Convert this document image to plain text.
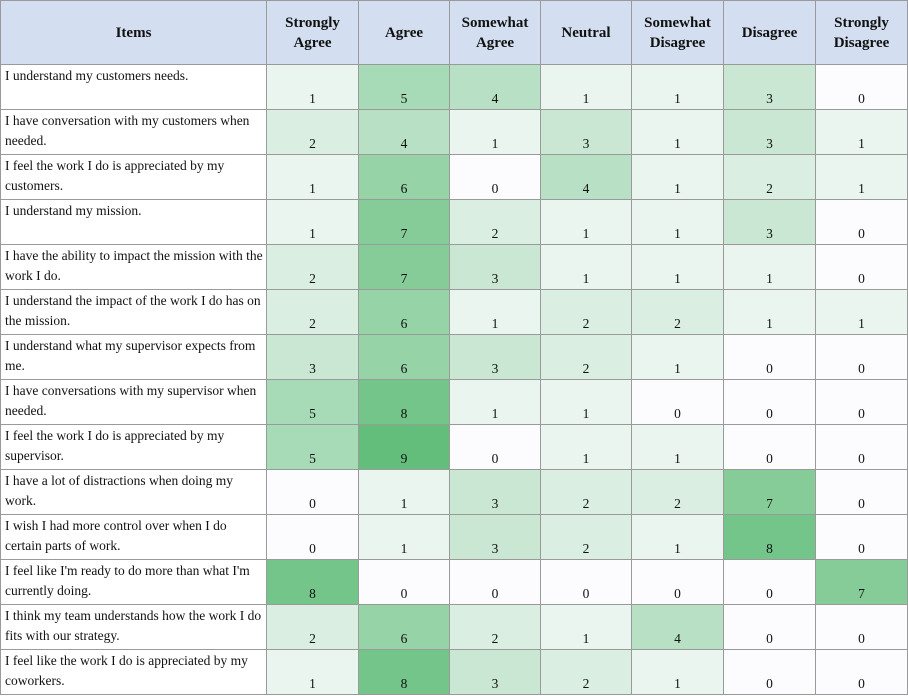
Items	Strongly Agree	Agree	Somewhat Agree	Neutral	Somewhat Disagree	Disagree	Strongly Disagree
I understand my customers needs.	1	5	4	1	1	3	0
I have conversation with my customers when needed.	2	4	1	3	1	3	1
I feel the work I do is appreciated by my customers.	1	6	0	4	1	2	1
I understand my mission.	1	7	2	1	1	3	0
I have the ability to impact the mission with the work I do.	2	7	3	1	1	1	0
I understand the impact of the work I do has on the mission.	2	6	1	2	2	1	1
I understand what my supervisor expects from me.	3	6	3	2	1	0	0
I have conversations with my supervisor when needed.	5	8	1	1	0	0	0
I feel the work I do is appreciated by my supervisor.	5	9	0	1	1	0	0
I have a lot of distractions when doing my work.	0	1	3	2	2	7	0
I wish I had more control over when I do certain parts of work.	0	1	3	2	1	8	0
I feel like I'm ready to do more than what I'm currently doing.	8	0	0	0	0	0	7
I think my team understands how the work I do fits with our strategy.	2	6	2	1	4	0	0
I feel like the work I do is appreciated by my coworkers.	1	8	3	2	1	0	0
